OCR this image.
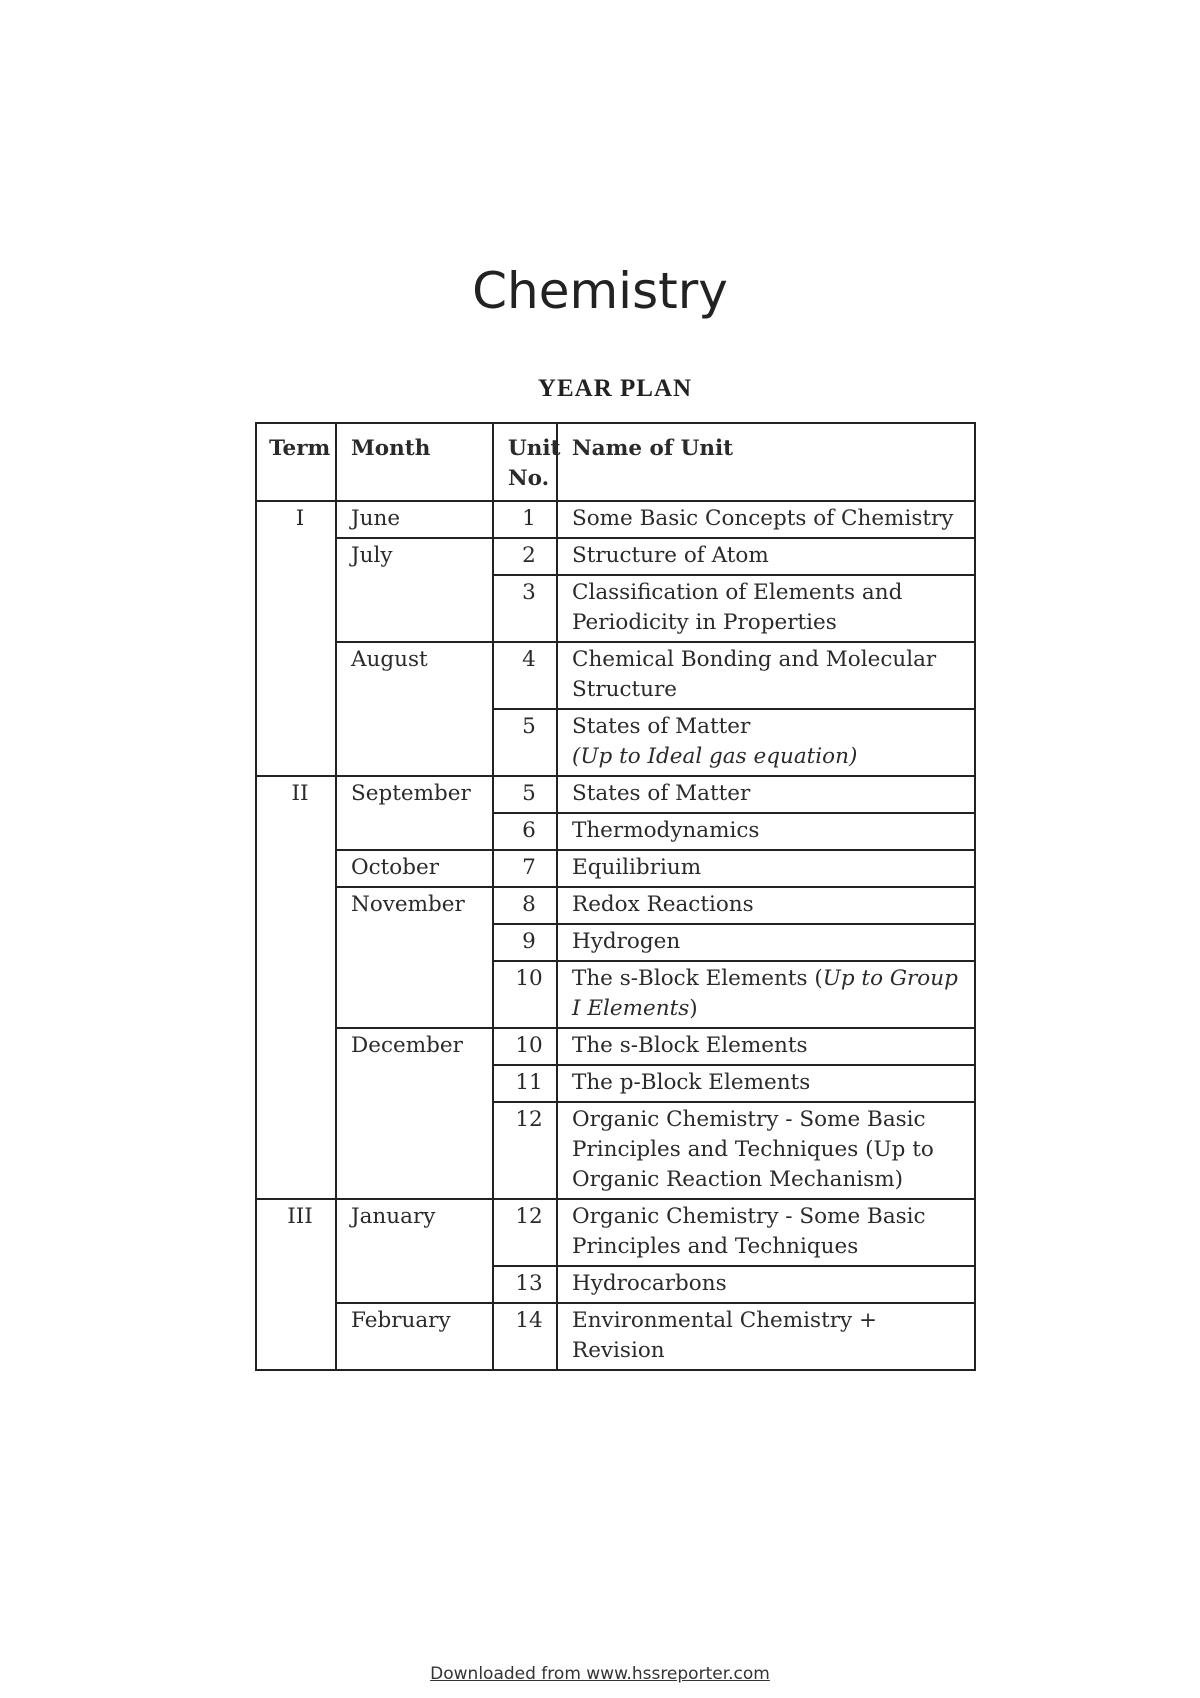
Chemistry
YEAR PLAN
Term	Month	Unit No.	Name of Unit
I	June	1	Some Basic Concepts of Chemistry
	July	2	Structure of Atom
		3	Classification of Elements and Periodicity in Properties
	August	4	Chemical Bonding and Molecular Structure
		5	States of Matter
(Up to Ideal gas equation)
II	September	5	States of Matter
		6	Thermodynamics
	October	7	Equilibrium
	November	8	Redox Reactions
		9	Hydrogen
		10	The s-Block Elements (Up to Group I Elements)
	December	10	The s-Block Elements
		11	The p-Block Elements
		12	Organic Chemistry - Some Basic Principles and Techniques (Up to Organic Reaction Mechanism)
III	January	12	Organic Chemistry - Some Basic Principles and Techniques
		13	Hydrocarbons
	February	14	Environmental Chemistry + Revision
Downloaded from www.hssreporter.com
